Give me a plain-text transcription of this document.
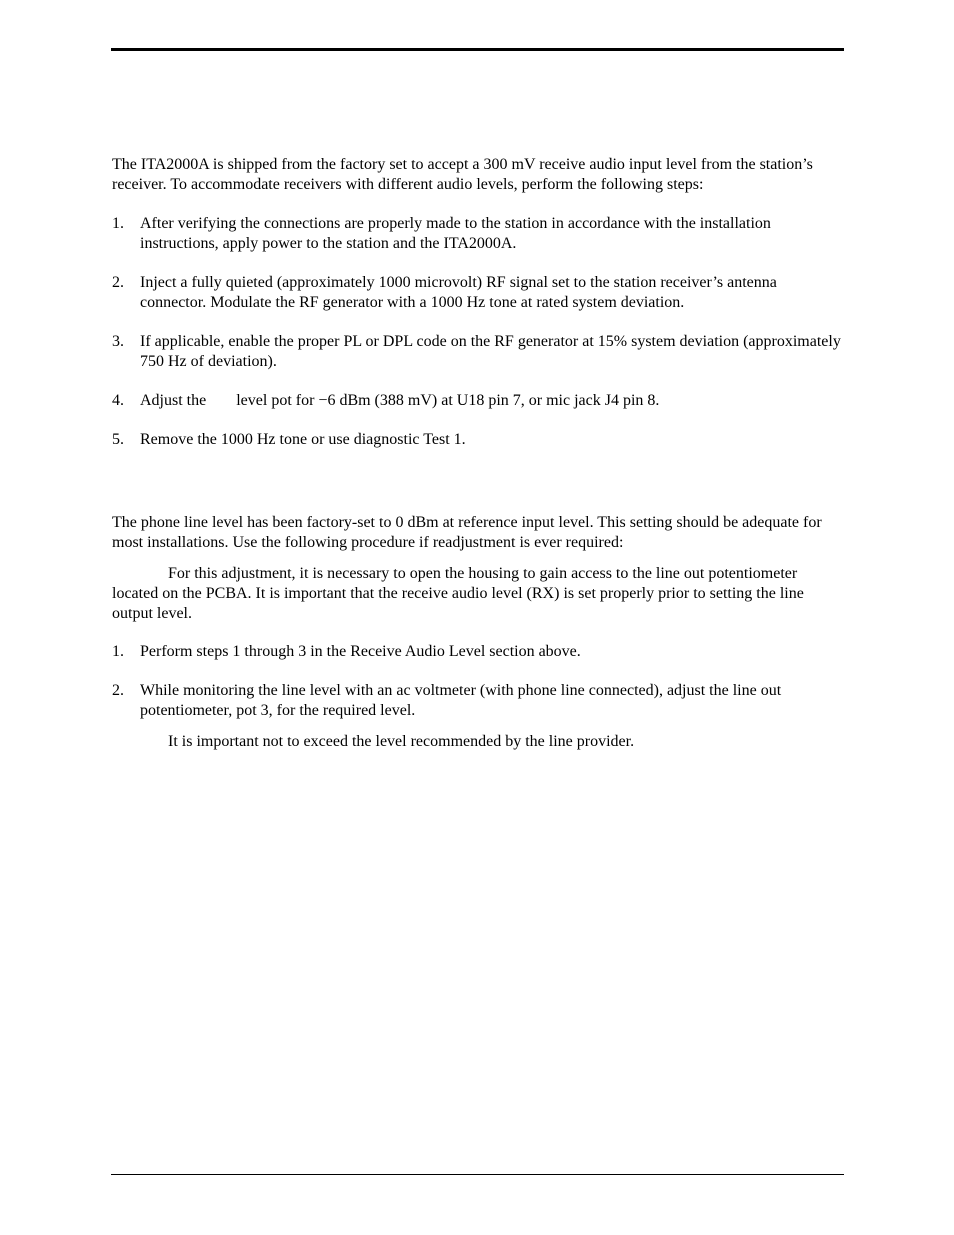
The ITA2000A is shipped from the factory set to accept a 300 mV receive audio input level from the station’s receiver. To accommodate receivers with different audio levels, perform the following steps:

1.	After verifying the connections are properly made to the station in accordance with the installation instructions, apply power to the station and the ITA2000A.
2.	Inject a fully quieted (approximately 1000 microvolt) RF signal set to the station receiver’s antenna connector. Modulate the RF generator with a 1000 Hz tone at rated system deviation.
3.	If applicable, enable the proper PL or DPL code on the RF generator at 15% system deviation (approximately 750 Hz of deviation).
4.	Adjust the level pot for −6 dBm (388 mV) at U18 pin 7, or mic jack J4 pin 8.
5.	Remove the 1000 Hz tone or use diagnostic Test 1.

The phone line level has been factory-set to 0 dBm at reference input level. This setting should be adequate for most installations. Use the following procedure if readjustment is ever required:

For this adjustment, it is necessary to open the housing to gain access to the line out potentiometer located on the PCBA. It is important that the receive audio level (RX) is set properly prior to setting the line output level.

1.	Perform steps 1 through 3 in the Receive Audio Level section above.
2.	While monitoring the line level with an ac voltmeter (with phone line connected), adjust the line out potentiometer, pot 3, for the required level.

It is important not to exceed the level recommended by the line provider.
